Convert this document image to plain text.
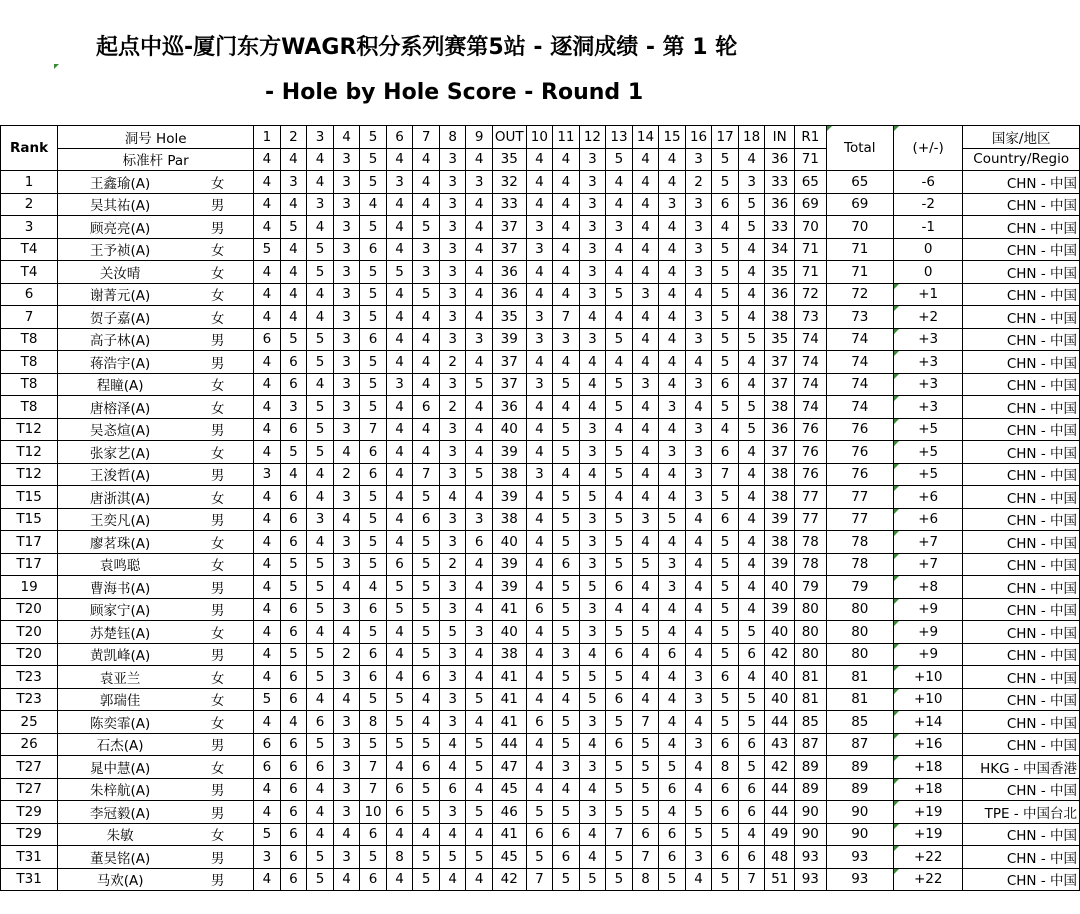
起点中巡-厦门东方WAGR积分系列赛第5站 - 逐洞成绩 - 第 1 轮
- Hole by Hole Score - Round 1
Rank	洞号 Hole		1	2	3	4	5	6	7	8	9	OUT	10	11	12	13	14	15	16	17	18	IN	R1	Total	(+/-)	国家/地区
	标准杆 Par		4	4	4	3	5	4	4	3	4	35	4	4	3	5	4	4	3	5	4	36	71			Country/Regio
1	王鑫瑜(A)	女	4	3	4	3	5	3	4	3	3	32	4	4	3	4	4	4	2	5	3	33	65	65	-6	CHN - 中国
2	吴其祐(A)	男	4	4	3	3	4	4	4	3	4	33	4	4	3	4	4	3	3	6	5	36	69	69	-2	CHN - 中国
3	顾亮亮(A)	男	4	5	4	3	5	4	5	3	4	37	3	4	3	3	4	4	3	4	5	33	70	70	-1	CHN - 中国
T4	王予祯(A)	女	5	4	5	3	6	4	3	3	4	37	3	4	3	4	4	4	3	5	4	34	71	71	0	CHN - 中国
T4	关汝晴	女	4	4	5	3	5	5	3	3	4	36	4	4	3	4	4	4	3	5	4	35	71	71	0	CHN - 中国
6	谢菁元(A)	女	4	4	4	3	5	4	5	3	4	36	4	4	3	5	3	4	4	5	4	36	72	72	+1	CHN - 中国
7	贺子嘉(A)	女	4	4	4	3	5	4	4	3	4	35	3	7	4	4	4	4	3	5	4	38	73	73	+2	CHN - 中国
T8	高子林(A)	男	6	5	5	3	6	4	4	3	3	39	3	3	3	5	4	4	3	5	5	35	74	74	+3	CHN - 中国
T8	蒋浩宇(A)	男	4	6	5	3	5	4	4	2	4	37	4	4	4	4	4	4	4	5	4	37	74	74	+3	CHN - 中国
T8	程瞳(A)	女	4	6	4	3	5	3	4	3	5	37	3	5	4	5	3	4	3	6	4	37	74	74	+3	CHN - 中国
T8	唐榕泽(A)	女	4	3	5	3	5	4	6	2	4	36	4	4	4	5	4	3	4	5	5	38	74	74	+3	CHN - 中国
T12	吴忞煊(A)	男	4	6	5	3	7	4	4	3	4	40	4	5	3	4	4	4	3	4	5	36	76	76	+5	CHN - 中国
T12	张家艺(A)	女	4	5	5	4	6	4	4	3	4	39	4	5	3	5	4	3	3	6	4	37	76	76	+5	CHN - 中国
T12	王浚哲(A)	男	3	4	4	2	6	4	7	3	5	38	3	4	4	5	4	4	3	7	4	38	76	76	+5	CHN - 中国
T15	唐浙淇(A)	女	4	6	4	3	5	4	5	4	4	39	4	5	5	4	4	4	3	5	4	38	77	77	+6	CHN - 中国
T15	王奕凡(A)	男	4	6	3	4	5	4	6	3	3	38	4	5	3	5	3	5	4	6	4	39	77	77	+6	CHN - 中国
T17	廖茗珠(A)	女	4	6	4	3	5	4	5	3	6	40	4	5	3	5	4	4	4	5	4	38	78	78	+7	CHN - 中国
T17	袁鸣聪	女	4	5	5	3	5	6	5	2	4	39	4	6	3	5	5	3	4	5	4	39	78	78	+7	CHN - 中国
19	曹海书(A)	男	4	5	5	4	4	5	5	3	4	39	4	5	5	6	4	3	4	5	4	40	79	79	+8	CHN - 中国
T20	顾家宁(A)	男	4	6	5	3	6	5	5	3	4	41	6	5	3	4	4	4	4	5	4	39	80	80	+9	CHN - 中国
T20	苏楚钰(A)	女	4	6	4	4	5	4	5	5	3	40	4	5	3	5	5	4	4	5	5	40	80	80	+9	CHN - 中国
T20	黄凯峰(A)	男	4	5	5	2	6	4	5	3	4	38	4	3	4	6	4	6	4	5	6	42	80	80	+9	CHN - 中国
T23	袁亚兰	女	4	6	5	3	6	4	6	3	4	41	4	5	5	5	4	4	3	6	4	40	81	81	+10	CHN - 中国
T23	郭瑞佳	女	5	6	4	4	5	5	4	3	5	41	4	4	5	6	4	4	3	5	5	40	81	81	+10	CHN - 中国
25	陈奕霏(A)	女	4	4	6	3	8	5	4	3	4	41	6	5	3	5	7	4	4	5	5	44	85	85	+14	CHN - 中国
26	石杰(A)	男	6	6	5	3	5	5	5	4	5	44	4	5	4	6	5	4	3	6	6	43	87	87	+16	CHN - 中国
T27	晁中慧(A)	女	6	6	6	3	7	4	6	4	5	47	4	3	3	5	5	5	4	8	5	42	89	89	+18	HKG - 中国香港
T27	朱梓航(A)	男	4	6	4	3	7	6	5	6	4	45	4	4	4	5	5	6	4	6	6	44	89	89	+18	CHN - 中国
T29	李冠毅(A)	男	4	6	4	3	10	6	5	3	5	46	5	5	3	5	5	4	5	6	6	44	90	90	+19	TPE - 中国台北
T29	朱敏	女	5	6	4	4	6	4	4	4	4	41	6	6	4	7	6	6	5	5	4	49	90	90	+19	CHN - 中国
T31	董昊铭(A)	男	3	6	5	3	5	8	5	5	5	45	5	6	4	5	7	6	3	6	6	48	93	93	+22	CHN - 中国
T31	马欢(A)	男	4	6	5	4	6	4	5	4	4	42	7	5	5	5	8	5	4	5	7	51	93	93	+22	CHN - 中国
